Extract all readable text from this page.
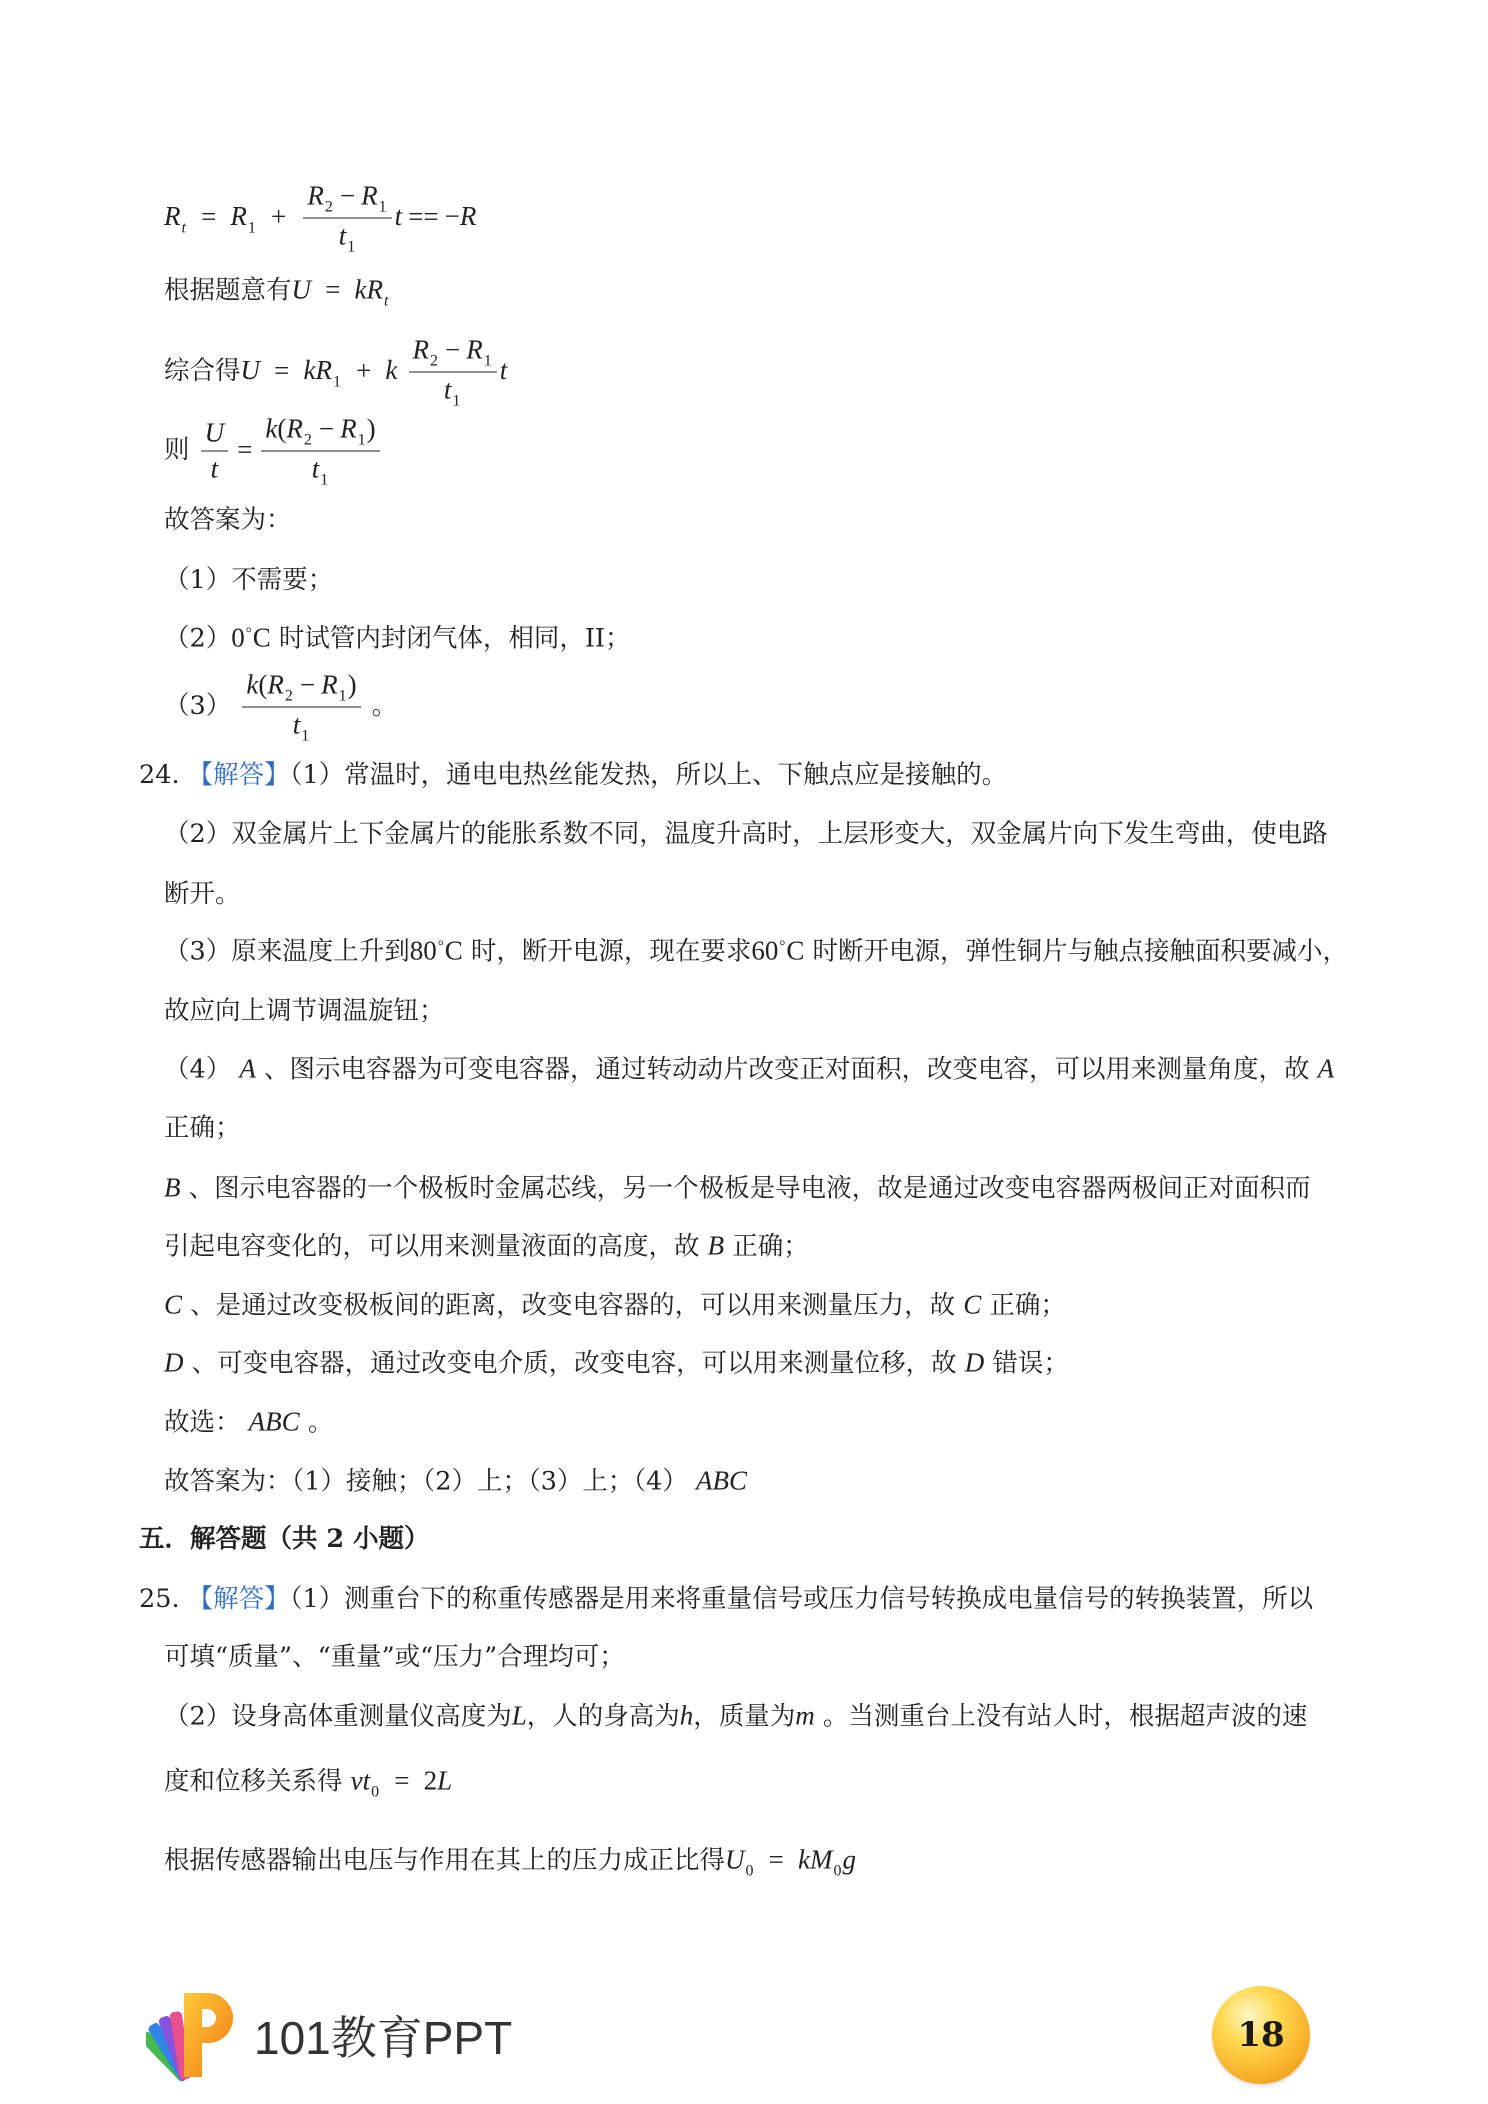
$R_t = R_1 + \frac{R_2 - R_1}{t_1}$ t == −R
根据题意有$U = kR_t$
综合得$U = kR_1 + k \frac{R_2 - R_1}{t_1}$ t
则 $\frac{U}{t} = \frac{k(R_2 - R_1)}{t_1}$
故答案为：
（1）不需要；
（2）0°C 时试管内封闭气体，相同，II；
$(3) \frac{k(R_2 - R_1)}{t_1}$ 。
24. 【解答】（1）常温时，通电电热丝能发热，所以上、下触点应是接触的。
（2）双金属片上下金属片的能胀系数不同，温度升高时，上层形变大，双金属片向下发生弯曲，使电路
断开。
（3）原来温度上升到80°C 时，断开电源，现在要求60°C 时断开电源，弹性铜片与触点接触面积要减小，
故应向上调节调温旋钮；
（4） A 、图示电容器为可变电容器，通过转动动片改变正对面积，改变电容，可以用来测量角度，故 A
正确；
B 、图示电容器的一个极板时金属芯线，另一个极板是导电液，故是通过改变电容器两极间正对面积而
引起电容变化的，可以用来测量液面的高度，故 B 正确；
C 、是通过改变极板间的距离，改变电容器的，可以用来测量压力，故 C 正确；
D 、可变电容器，通过改变电介质，改变电容，可以用来测量位移，故 D 错误；
故选： ABC 。
故答案为：（1）接触；（2）上；（3）上；（4） ABC
五．解答题（共 2 小题）
25. 【解答】（1）测重台下的称重传感器是用来将重量信号或压力信号转换成电量信号的转换装置，所以
可填“质量”、“重量”或“压力”合理均可；
（2）设身高体重测量仪高度为L，人的身高为h，质量为m 。当测重台上没有站人时，根据超声波的速
度和位移关系得 $vt_0 = 2L$
根据传感器输出电压与作用在其上的压力成正比得$U_0 = kM_0g$
101教育PPT	18
